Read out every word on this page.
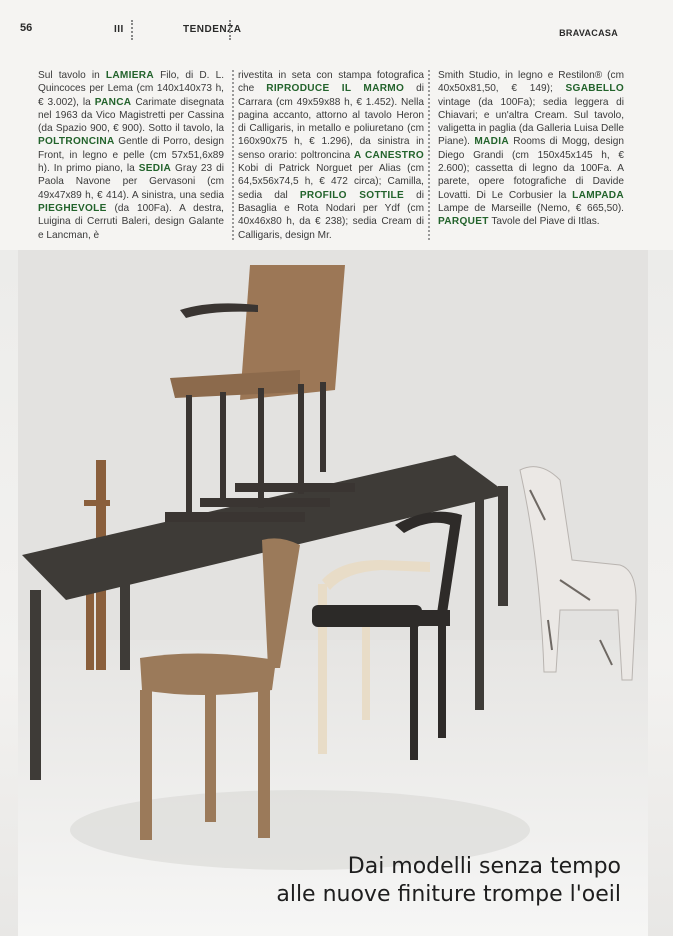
56	III	TENDENZA	BRAVACASA
Sul tavolo in LAMIERA Filo, di D. L. Quincoces per Lema (cm 140x140x73 h, € 3.002), la PANCA Carimate disegnata nel 1963 da Vico Magistretti per Cassina (da Spazio 900, € 900). Sotto il tavolo, la POLTRONCINA Gentle di Porro, design Front, in legno e pelle (cm 57x51,6x89 h). In primo piano, la SEDIA Gray 23 di Paola Navone per Gervasoni (cm 49x47x89 h, € 414). A sinistra, una sedia PIEGHEVOLE (da 100Fa). A destra, Luigina di Cerruti Baleri, design Galante e Lancman, è
rivestita in seta con stampa fotografica che RIPRODUCE IL MARMO di Carrara (cm 49x59x88 h, € 1.452). Nella pagina accanto, attorno al tavolo Heron di Calligaris, in metallo e poliuretano (cm 160x90x75 h, € 1.296), da sinistra in senso orario: poltroncina A CANESTRO Kobi di Patrick Norguet per Alias (cm 64,5x56x74,5 h, € 472 circa); Camilla, sedia dal PROFILO SOTTILE di Basaglia e Rota Nodari per Ydf (cm 40x46x80 h, da € 238); sedia Cream di Calligaris, design Mr.
Smith Studio, in legno e Restilon® (cm 40x50x81,50, € 149); SGABELLO vintage (da 100Fa); sedia leggera di Chiavari; e un'altra Cream. Sul tavolo, valigetta in paglia (da Galleria Luisa Delle Piane). MADIA Rooms di Mogg, design Diego Grandi (cm 150x45x145 h, € 2.600); cassetta di legno da 100Fa. A parete, opere fotografiche di Davide Lovatti. Di Le Corbusier la LAMPADA Lampe de Marseille (Nemo, € 665,50). PARQUET Tavole del Piave di Itlas.
Dai modelli senza tempo
alle nuove finiture trompe l'oeil
